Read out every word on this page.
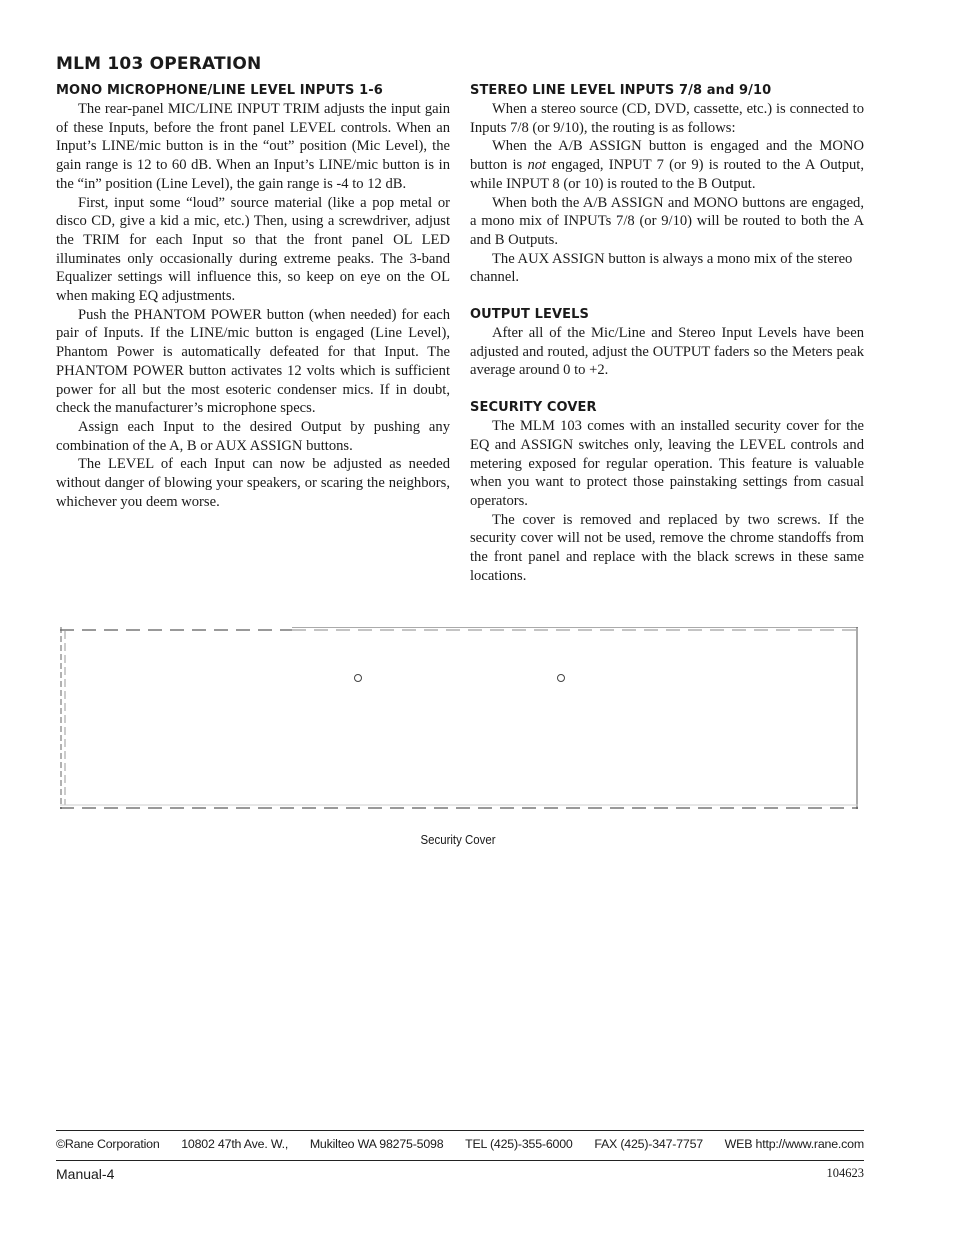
MLM 103 OPERATION
MONO MICROPHONE/LINE LEVEL INPUTS 1-6

The rear-panel MIC/LINE INPUT TRIM adjusts the input gain of these Inputs, before the front panel LEVEL controls. When an Input’s LINE/mic button is in the “out” position (Mic Level), the gain range is 12 to 60 dB. When an Input’s LINE/mic button is in the “in” position (Line Level), the gain range is -4 to 12 dB.

First, input some “loud” source material (like a pop metal or disco CD, give a kid a mic, etc.) Then, using a screwdriver, adjust the TRIM for each Input so that the front panel OL LED illuminates only occasionally during extreme peaks. The 3-band Equalizer settings will influence this, so keep on eye on the OL when making EQ adjustments.

Push the PHANTOM POWER button (when needed) for each pair of Inputs. If the LINE/mic button is engaged (Line Level), Phantom Power is automatically defeated for that Input. The PHANTOM POWER button activates 12 volts which is sufficient power for all but the most esoteric condenser mics. If in doubt, check the manufacturer’s microphone specs.

Assign each Input to the desired Output by pushing any combination of the A, B or AUX ASSIGN buttons.

The LEVEL of each Input can now be adjusted as needed without danger of blowing your speakers, or scaring the neighbors, whichever you deem worse.

STEREO LINE LEVEL INPUTS 7/8 and 9/10

When a stereo source (CD, DVD, cassette, etc.) is connected to Inputs 7/8 (or 9/10), the routing is as follows:

When the A/B ASSIGN button is engaged and the MONO button is not engaged, INPUT 7 (or 9) is routed to the A Output, while INPUT 8 (or 10) is routed to the B Output.

When both the A/B ASSIGN and MONO buttons are engaged, a mono mix of INPUTs 7/8 (or 9/10) will be routed to both the A and B Outputs.

The AUX ASSIGN button is always a mono mix of the stereo channel.

OUTPUT LEVELS

After all of the Mic/Line and Stereo Input Levels have been adjusted and routed, adjust the OUTPUT faders so the Meters peak average around 0 to +2.

SECURITY COVER

The MLM 103 comes with an installed security cover for the EQ and ASSIGN switches only, leaving the LEVEL controls and metering exposed for regular operation. This feature is valuable when you want to protect those painstaking settings from casual operators.

The cover is removed and replaced by two screws. If the security cover will not be used, remove the chrome standoffs from the front panel and replace with the black screws in these same locations.

Security Cover
©Rane Corporation 10802 47th Ave. W., Mukilteo WA 98275-5098 TEL (425)-355-6000 FAX (425)-347-7757 WEB http://www.rane.com
Manual-4	104623
